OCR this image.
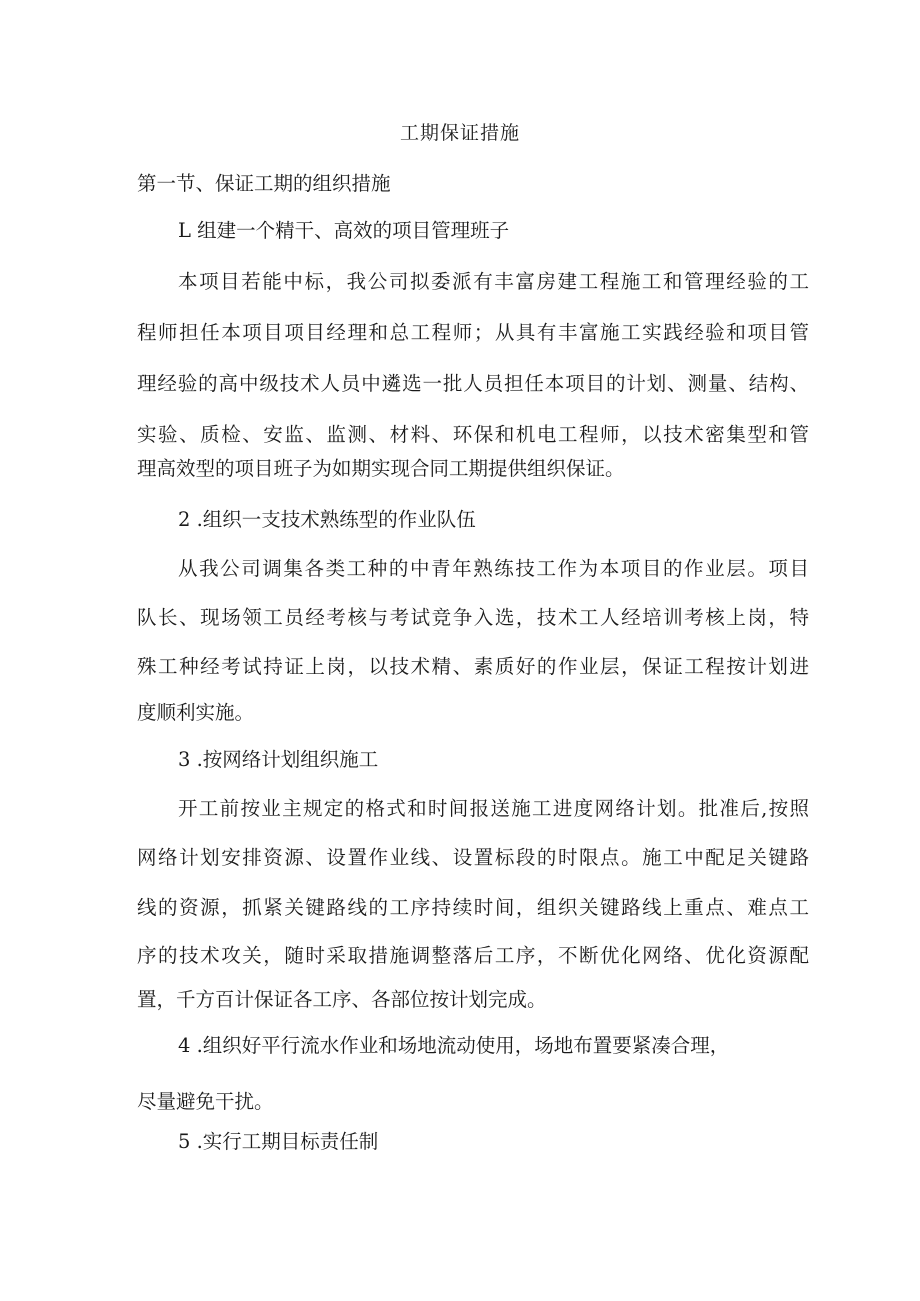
工期保证措施
第一节、保证工期的组织措施
L 组建一个精干、高效的项目管理班子
本项目若能中标，我公司拟委派有丰富房建工程施工和管理经验的工
程师担任本项目项目经理和总工程师；从具有丰富施工实践经验和项目管
理经验的高中级技术人员中遴选一批人员担任本项目的计划、测量、结构、
实验、质检、安监、监测、材料、环保和机电工程师，以技术密集型和管
理高效型的项目班子为如期实现合同工期提供组织保证。
2 .组织一支技术熟练型的作业队伍
从我公司调集各类工种的中青年熟练技工作为本项目的作业层。项目
队长、现场领工员经考核与考试竞争入选，技术工人经培训考核上岗，特
殊工种经考试持证上岗，以技术精、素质好的作业层，保证工程按计划进
度顺利实施。
3 .按网络计划组织施工
开工前按业主规定的格式和时间报送施工进度网络计划。批准后,按照
网络计划安排资源、设置作业线、设置标段的时限点。施工中配足关键路
线的资源，抓紧关键路线的工序持续时间，组织关键路线上重点、难点工
序的技术攻关，随时采取措施调整落后工序，不断优化网络、优化资源配
置，千方百计保证各工序、各部位按计划完成。
4 .组织好平行流水作业和场地流动使用，场地布置要紧凑合理，
尽量避免干扰。
5 .实行工期目标责任制
